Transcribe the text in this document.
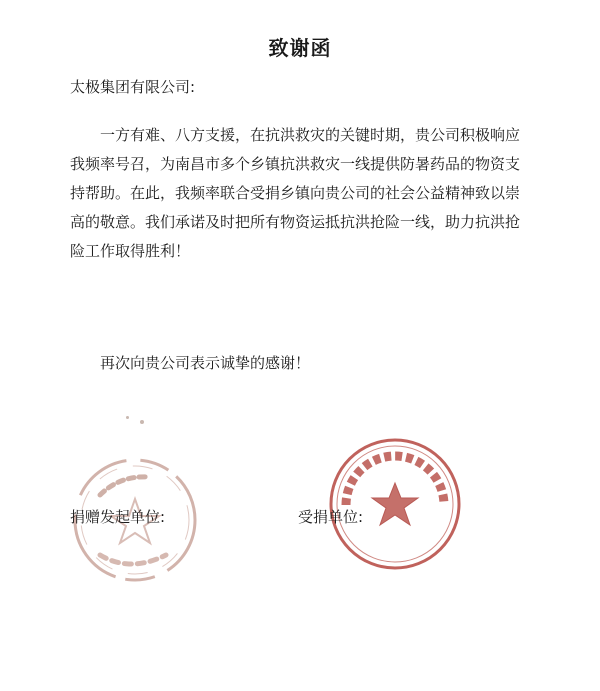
致谢函
太极集团有限公司:

一方有难、八方支援，在抗洪救灾的关键时期，贵公司积极响应我频率号召，为南昌市多个乡镇抗洪救灾一线提供防暑药品的物资支持帮助。在此，我频率联合受捐乡镇向贵公司的社会公益精神致以崇高的敬意。我们承诺及时把所有物资运抵抗洪抢险一线，助力抗洪抢险工作取得胜利！

再次向贵公司表示诚挚的感谢！
捐赠发起单位:	受捐单位:
